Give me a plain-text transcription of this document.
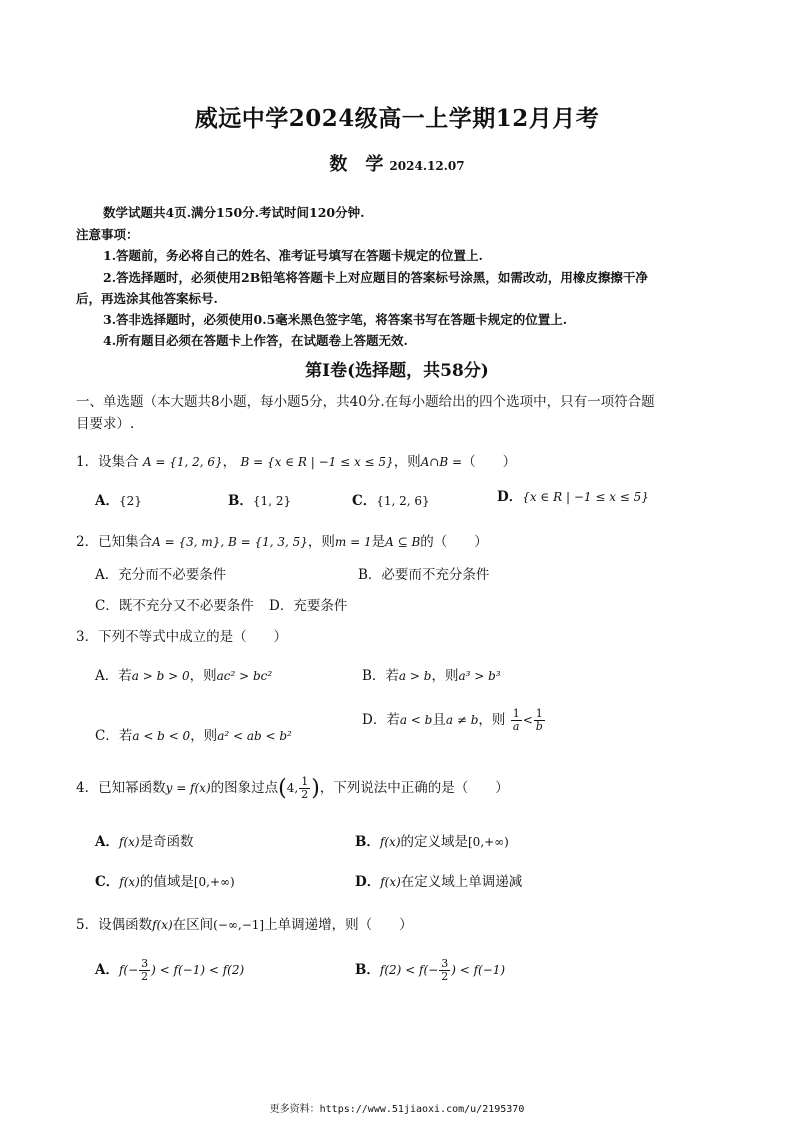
威远中学2024级高一上学期12月月考
数　学 2024.12.07
数学试题共4页.满分150分.考试时间120分钟.
注意事项：
1.答题前，务必将自己的姓名、准考证号填写在答题卡规定的位置上.
2.答选择题时，必须使用2B铅笔将答题卡上对应题目的答案标号涂黑，如需改动，用橡皮擦擦干净
后，再选涂其他答案标号.
3.答非选择题时，必须使用0.5毫米黑色签字笔，将答案书写在答题卡规定的位置上.
4.所有题目必须在答题卡上作答，在试题卷上答题无效.
第Ⅰ卷(选择题，共58分)
一、单选题（本大题共8小题，每小题5分，共40分.在每小题给出的四个选项中，只有一项符合题
目要求）.
1．设集合 A = {1, 2, 6}， B = {x ∈ R | −1 ≤ x ≤ 5}，则A∩B =（　　）
A．{2}	B．{1, 2}	C．{1, 2, 6}	D．{x ∈ R | −1 ≤ x ≤ 5}
2．已知集合A = {3, m}, B = {1, 3, 5}，则m = 1是A ⊆ B的（　　）
A．充分而不必要条件	B．必要而不充分条件
C．既不充分又不必要条件 D．充要条件
3．下列不等式中成立的是（　　）
A．若a > b > 0，则ac² > bc²	B．若a > b，则a³ > b³
C．若a < b < 0，则a² < ab < b²
D．若a < b且a ≠ b，则 $\frac{1}{a} < \frac{1}{b}$
4．已知幂函数y = f(x)的图象过点(4, $\frac{1}{2}$ )，下列说法中正确的是（　　）
A．f(x)是奇函数	B．f(x)的定义域是[0,+∞)
C．f(x)的值域是[0,+∞)	D．f(x)在定义域上单调递减
5．设偶函数f(x)在区间(−∞,−1]上单调递增，则（　　）
A．$f(- \frac{3}{2}$ ) < f(−1) < f(2)	B．$f(2) < f(- \frac{3}{2}$ ) < f(−1)
更多资料：https://www.51jiaoxi.com/u/2195370
